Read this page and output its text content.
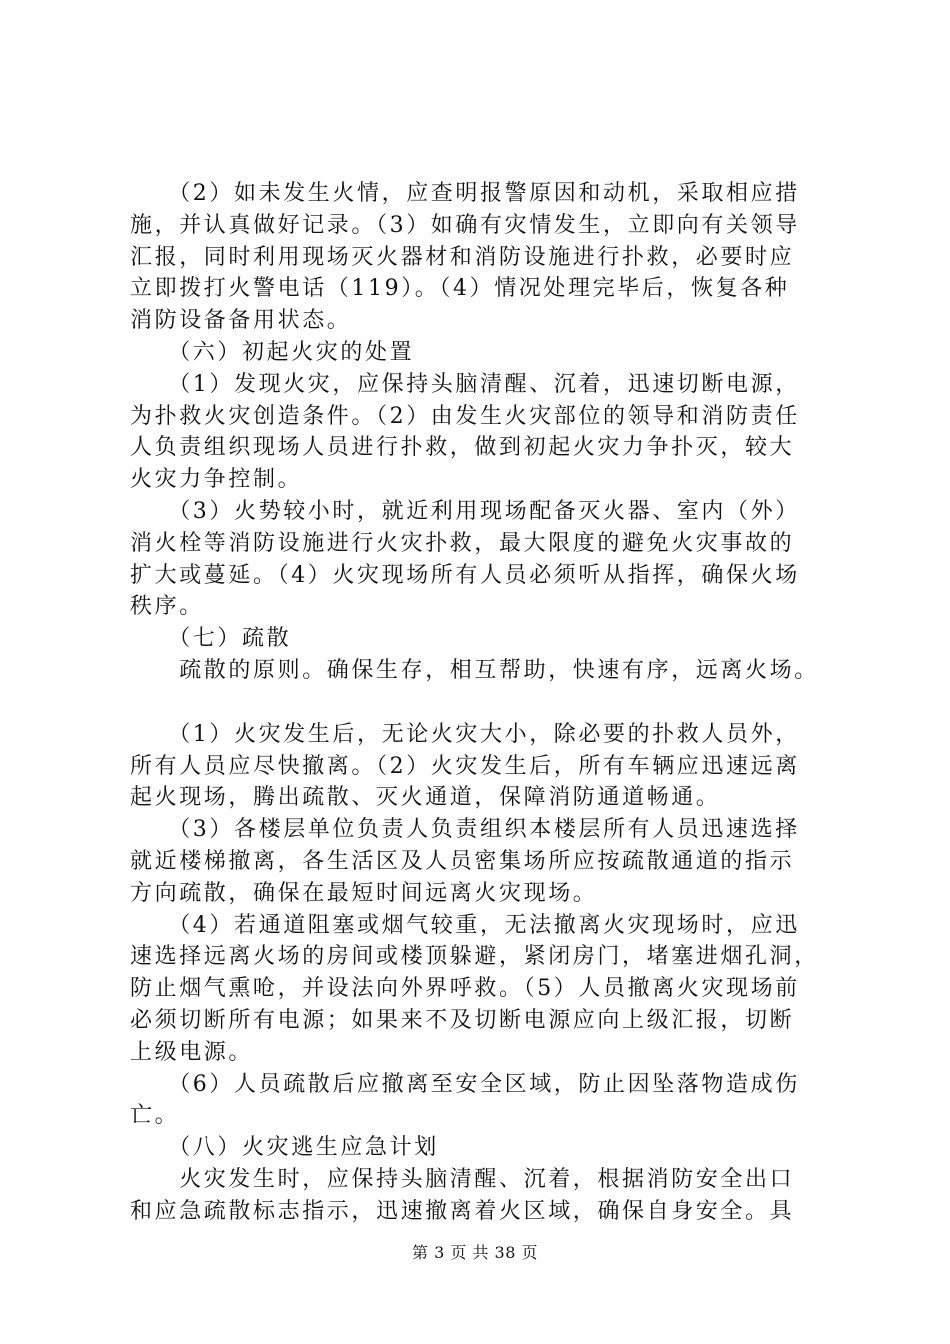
　　（2）如未发生火情，应查明报警原因和动机，采取相应措
施，并认真做好记录。（3）如确有灾情发生，立即向有关领导
汇报，同时利用现场灭火器材和消防设施进行扑救，必要时应
立即拨打火警电话（119）。（4）情况处理完毕后，恢复各种
消防设备备用状态。
　　（六）初起火灾的处置
　　（1）发现火灾，应保持头脑清醒、沉着，迅速切断电源，
为扑救火灾创造条件。（2）由发生火灾部位的领导和消防责任
人负责组织现场人员进行扑救，做到初起火灾力争扑灭，较大
火灾力争控制。
　　（3）火势较小时，就近利用现场配备灭火器、室内（外）
消火栓等消防设施进行火灾扑救，最大限度的避免火灾事故的
扩大或蔓延。（4）火灾现场所有人员必须听从指挥，确保火场
秩序。
　　（七）疏散
　　疏散的原则。确保生存，相互帮助，快速有序，远离火场。
　　（1）火灾发生后，无论火灾大小，除必要的扑救人员外，
所有人员应尽快撤离。（2）火灾发生后，所有车辆应迅速远离
起火现场，腾出疏散、灭火通道，保障消防通道畅通。
　　（3）各楼层单位负责人负责组织本楼层所有人员迅速选择
就近楼梯撤离，各生活区及人员密集场所应按疏散通道的指示
方向疏散，确保在最短时间远离火灾现场。
　　（4）若通道阻塞或烟气较重，无法撤离火灾现场时，应迅
速选择远离火场的房间或楼顶躲避，紧闭房门，堵塞进烟孔洞，
防止烟气熏呛，并设法向外界呼救。（5）人员撤离火灾现场前
必须切断所有电源；如果来不及切断电源应向上级汇报，切断
上级电源。
　　（6）人员疏散后应撤离至安全区域，防止因坠落物造成伤
亡。
　　（八）火灾逃生应急计划
　　火灾发生时，应保持头脑清醒、沉着，根据消防安全出口
和应急疏散标志指示，迅速撤离着火区域，确保自身安全。具
第 3 页 共 38 页
